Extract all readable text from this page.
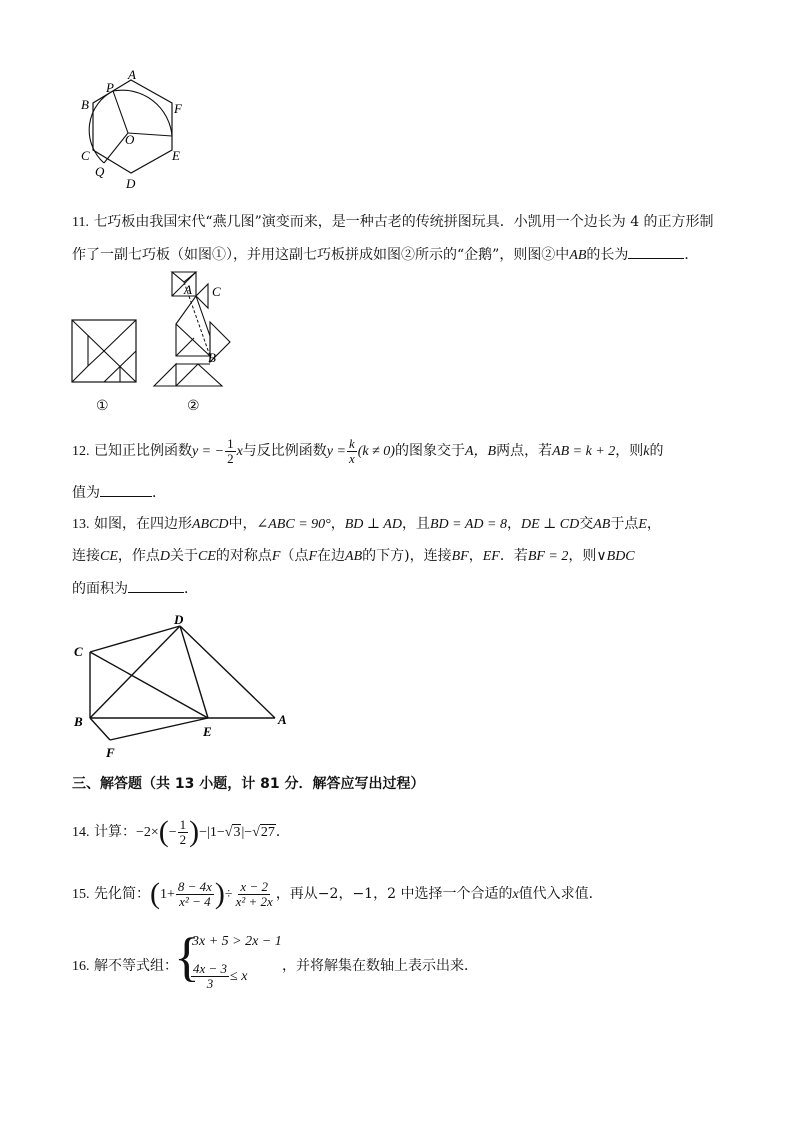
A
B
P
F
O
C	E
Q
D
11. 七巧板由我国宋代“燕几图”演变而来，是一种古老的传统拼图玩具．小凯用一个边长为 4 的正方形制
作了一副七巧板（如图①），并用这副七巧板拼成如图②所示的“企鹅”，则图②中AB的长为	．
①
A C
B
②
12. 已知正比例函数y = − $\frac{1}{2}$ x与反比例函数$y = \frac{k}{x} (k \ne 0)$的图象交于A，B两点，若AB = k + 2，则k的
值为	．
13. 如图，在四边形ABCD中，∠ABC = 90°，BD ⊥ AD，且BD = AD = 8，DE ⊥ CD交AB于点E，
连接CE，作点D关于CE的对称点F（点F在边AB的下方)，连接BF，EF．若BF = 2，则∨BDC
的面积为	．
C
D
B
E
A
F
三、解答题（共 13 小题，计 81 分．解答应写出过程）
14. 计算：$-2\times(- \frac{1}{2} )-|1-√3|-√27$．
15. 先化简：($1+ \frac{8 - 4x}{\text{x² − 4}}$ )÷ $\frac{x - 2}{\text{x² + 2x}}$ ，再从−2，−1，2 中选择一个合适的x值代入求值．
16. 解不等式组：
{
3x + 5 > 2x − 1
$\frac{4x - 3}{3} \le x$
，并将解集在数轴上表示出来．
